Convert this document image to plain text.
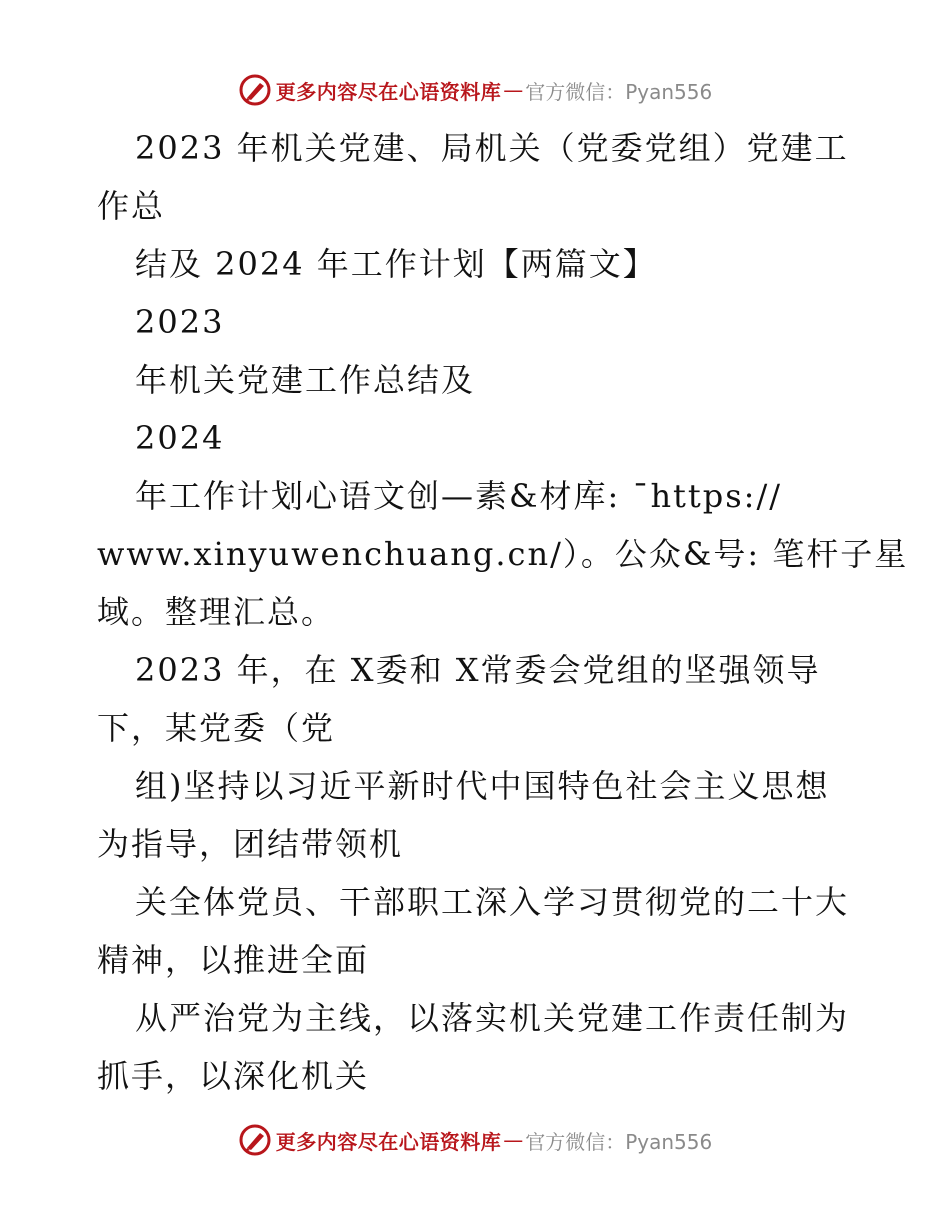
更多内容尽在心语资料库 — 官方微信：Pyan556
2023 年机关党建、局机关（党委党组）党建工
作总
结及 2024 年工作计划【两篇文】
2023
年机关党建工作总结及
2024
年工作计划心语文创—素&材库: ¯https://
www.xinyuwenchuang.cn/）。公众&号: 笔杆子星
域。整理汇总。
2023 年，在 X委和 X常委会党组的坚强领导
下，某党委（党
组)坚持以习近平新时代中国特色社会主义思想
为指导，团结带领机
关全体党员、干部职工深入学习贯彻党的二十大
精神，以推进全面
从严治党为主线，以落实机关党建工作责任制为
抓手，以深化机关
更多内容尽在心语资料库 — 官方微信：Pyan556
